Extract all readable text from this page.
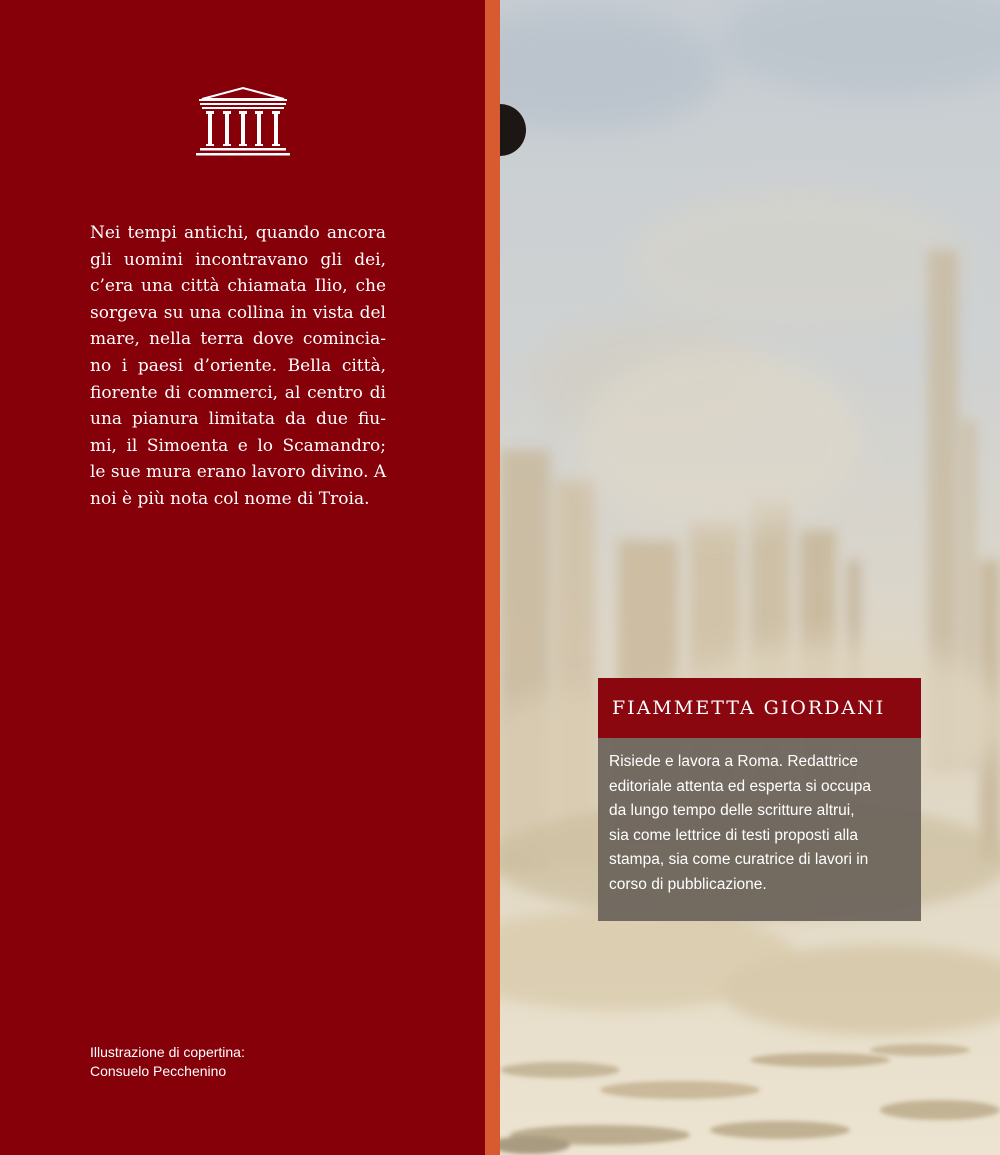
Nei tempi antichi, quando ancora
gli uomini incontravano gli dei,
c’era una città chiamata Ilio, che
sorgeva su una collina in vista del
mare, nella terra dove comincia-
no i paesi d’oriente. Bella città,
fiorente di commerci, al centro di
una pianura limitata da due fiu-
mi, il Simoenta e lo Scamandro;
le sue mura erano lavoro divino. A
noi è più nota col nome di Troia.

Illustrazione di copertina:
Consuelo Pecchenino
FIAMMETTA GIORDANI
Risiede e lavora a Roma. Redattrice
editoriale attenta ed esperta si occupa
da lungo tempo delle scritture altrui,
sia come lettrice di testi proposti alla
stampa, sia come curatrice di lavori in
corso di pubblicazione.
